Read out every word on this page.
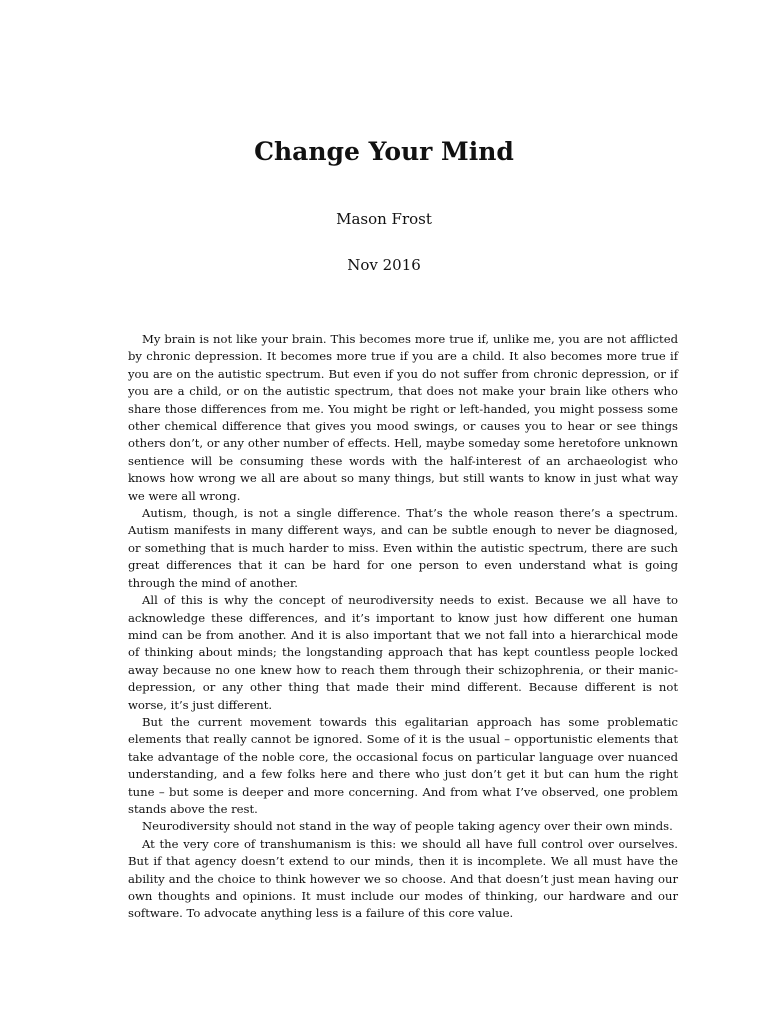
Change Your Mind
Mason Frost
Nov 2016

My brain is not like your brain. This becomes more true if, unlike me, you are not afflicted by chronic depression. It becomes more true if you are a child. It also becomes more true if you are on the autistic spectrum. But even if you do not suffer from chronic depression, or if you are a child, or on the autistic spectrum, that does not make your brain like others who share those differences from me. You might be right or left-handed, you might possess some other chemical difference that gives you mood swings, or causes you to hear or see things others don’t, or any other number of effects. Hell, maybe someday some heretofore unknown sentience will be consuming these words with the half-interest of an archaeologist who knows how wrong we all are about so many things, but still wants to know in just what way we were all wrong.

Autism, though, is not a single difference. That’s the whole reason there’s a spectrum. Autism manifests in many different ways, and can be subtle enough to never be diagnosed, or something that is much harder to miss. Even within the autistic spectrum, there are such great differences that it can be hard for one person to even understand what is going through the mind of another.

All of this is why the concept of neurodiversity needs to exist. Because we all have to acknowledge these differences, and it’s important to know just how different one human mind can be from another. And it is also important that we not fall into a hierarchical mode of thinking about minds; the longstanding approach that has kept countless people locked away because no one knew how to reach them through their schizophrenia, or their manic-depression, or any other thing that made their mind different. Because different is not worse, it’s just different.

But the current movement towards this egalitarian approach has some problematic elements that really cannot be ignored. Some of it is the usual – opportunistic elements that take advantage of the noble core, the occasional focus on particular language over nuanced understanding, and a few folks here and there who just don’t get it but can hum the right tune – but some is deeper and more concerning. And from what I’ve observed, one problem stands above the rest.

Neurodiversity should not stand in the way of people taking agency over their own minds.

At the very core of transhumanism is this: we should all have full control over ourselves. But if that agency doesn’t extend to our minds, then it is incomplete. We all must have the ability and the choice to think however we so choose. And that doesn’t just mean having our own thoughts and opinions. It must include our modes of thinking, our hardware and our software. To advocate anything less is a failure of this core value.
